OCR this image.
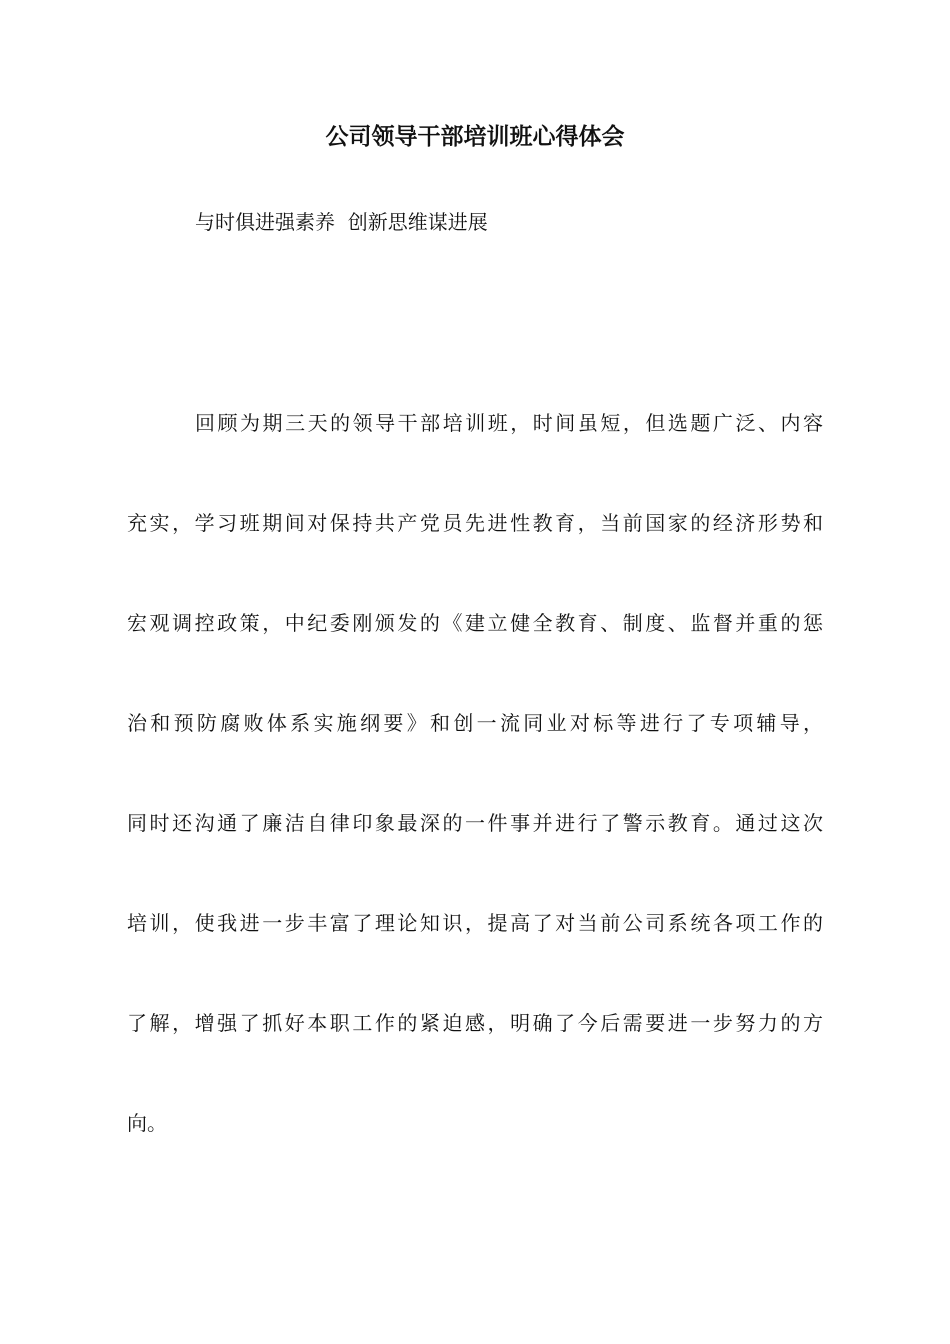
公司领导干部培训班心得体会
与时俱进强素养  创新思维谋进展
回顾为期三天的领导干部培训班，时间虽短，但选题广泛、内容
充实，学习班期间对保持共产党员先进性教育，当前国家的经济形势和
宏观调控政策，中纪委刚颁发的《建立健全教育、制度、监督并重的惩
治和预防腐败体系实施纲要》和创一流同业对标等进行了专项辅导，
同时还沟通了廉洁自律印象最深的一件事并进行了警示教育。通过这次
培训，使我进一步丰富了理论知识，提高了对当前公司系统各项工作的
了解，增强了抓好本职工作的紧迫感，明确了今后需要进一步努力的方
向。
